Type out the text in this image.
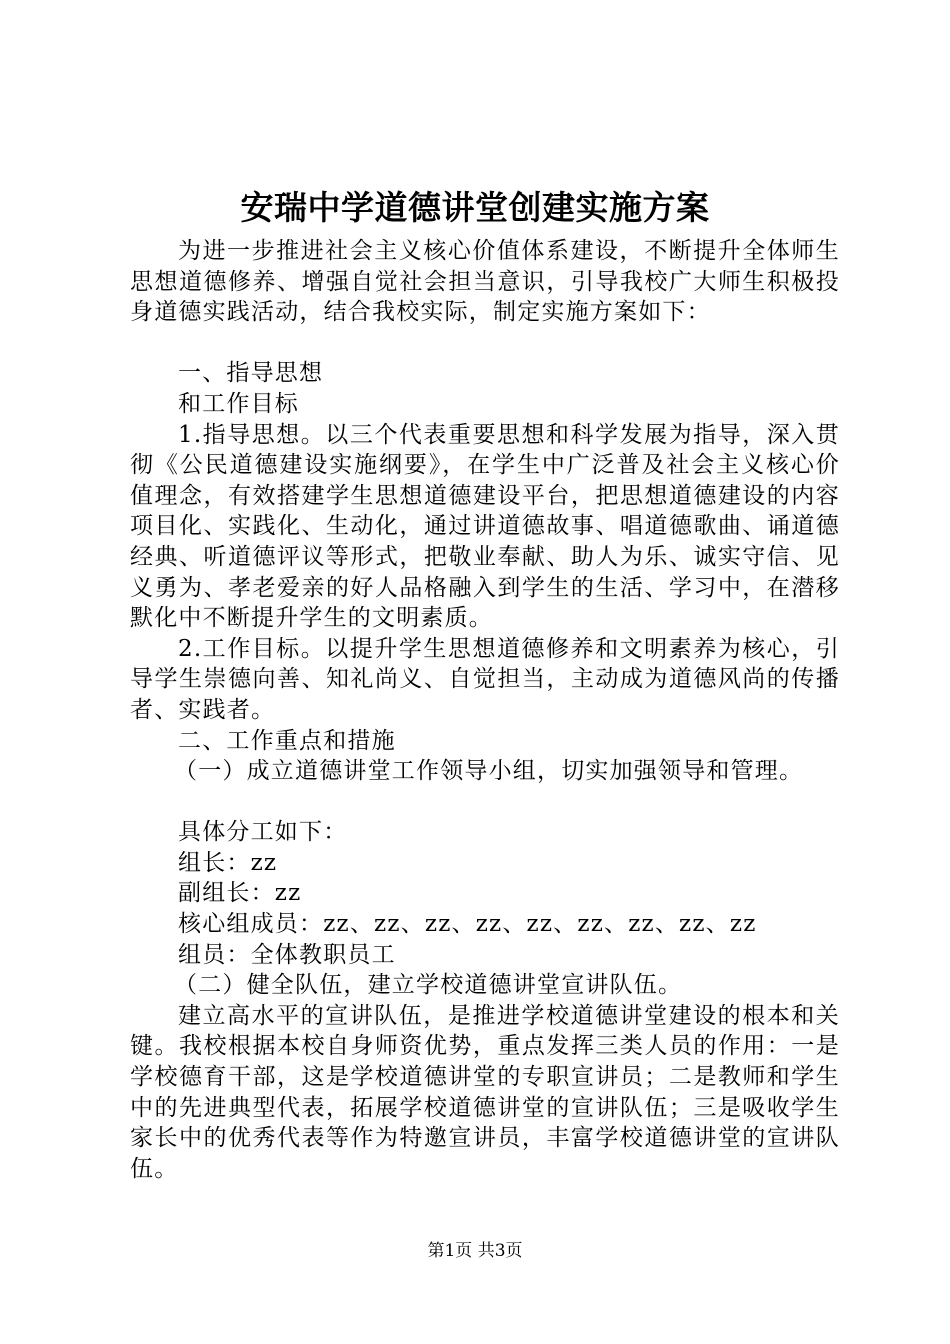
安瑞中学道德讲堂创建实施方案

为进一步推进社会主义核心价值体系建设，不断提升全体师生思想道德修养、增强自觉社会担当意识，引导我校广大师生积极投身道德实践活动，结合我校实际，制定实施方案如下：

一、指导思想

和工作目标

1.指导思想。以三个代表重要思想和科学发展为指导，深入贯彻《公民道德建设实施纲要》，在学生中广泛普及社会主义核心价值理念，有效搭建学生思想道德建设平台，把思想道德建设的内容项目化、实践化、生动化，通过讲道德故事、唱道德歌曲、诵道德经典、听道德评议等形式，把敬业奉献、助人为乐、诚实守信、见义勇为、孝老爱亲的好人品格融入到学生的生活、学习中，在潜移默化中不断提升学生的文明素质。

2.工作目标。以提升学生思想道德修养和文明素养为核心，引导学生崇德向善、知礼尚义、自觉担当，主动成为道德风尚的传播者、实践者。

二、工作重点和措施

（一）成立道德讲堂工作领导小组，切实加强领导和管理。

具体分工如下：

组长：zz

副组长：zz

核心组成员：zz、zz、zz、zz、zz、zz、zz、zz、zz

组员：全体教职员工

（二）健全队伍，建立学校道德讲堂宣讲队伍。

建立高水平的宣讲队伍，是推进学校道德讲堂建设的根本和关键。我校根据本校自身师资优势，重点发挥三类人员的作用：一是学校德育干部，这是学校道德讲堂的专职宣讲员；二是教师和学生中的先进典型代表，拓展学校道德讲堂的宣讲队伍；三是吸收学生家长中的优秀代表等作为特邀宣讲员，丰富学校道德讲堂的宣讲队伍。

第1页 共3页
